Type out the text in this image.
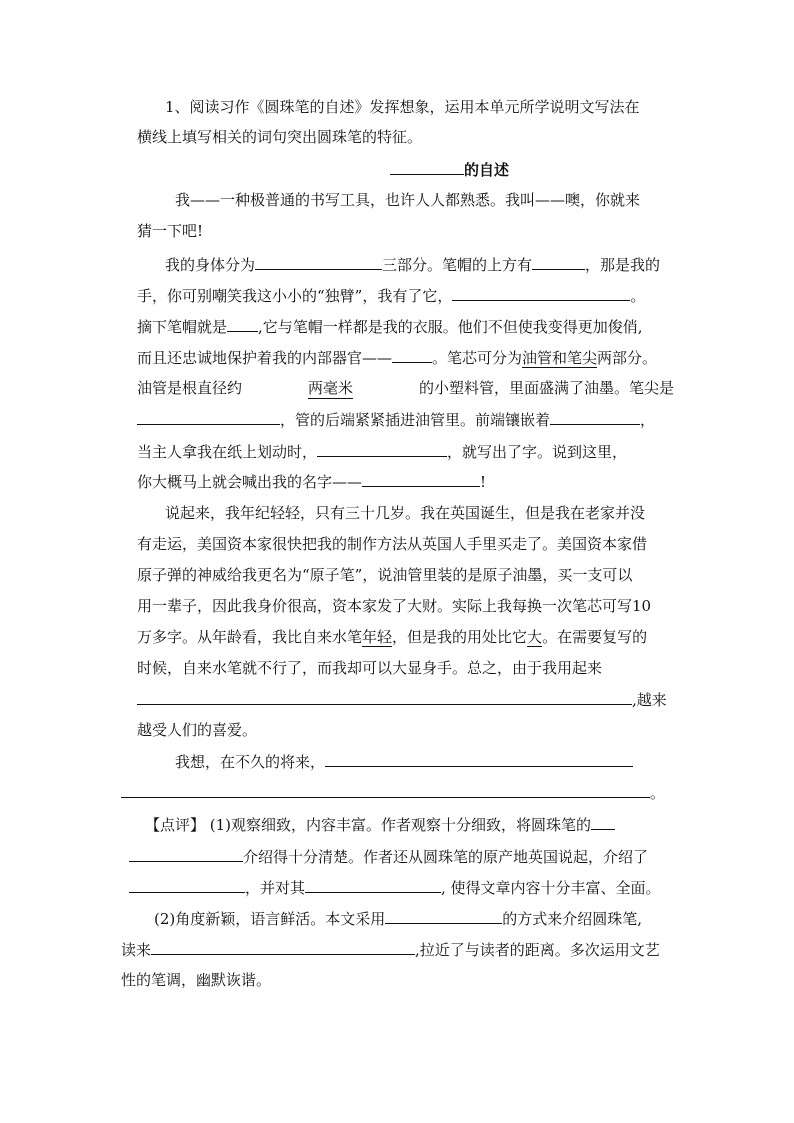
1、阅读习作《圆珠笔的自述》发挥想象，运用本单元所学说明文写法在
横线上填写相关的词句突出圆珠笔的特征。
的自述
我——一种极普通的书写工具，也许人人都熟悉。我叫——噢，你就来
猜一下吧!
我的身体分为	三部分。笔帽的上方有	，那是我的
手，你可别嘲笑我这小小的“独臂”，我有了它，	。
摘下笔帽就是 ,它与笔帽一样都是我的衣服。他们不但使我变得更加俊俏,
而且还忠诚地保护着我的内部器官——	。笔芯可分为油管和笔尖两部分。
油管是根直径约	两毫米	的小塑料管，里面盛满了油墨。笔尖是
，管的后端紧紧插进油管里。前端镶嵌着	，
当主人拿我在纸上划动时，	，就写出了字。说到这里，
你大概马上就会喊出我的名字——	!
说起来，我年纪轻轻，只有三十几岁。我在英国诞生，但是我在老家并没
有走运，美国资本家很快把我的制作方法从英国人手里买走了。美国资本家借
原子弹的神威给我更名为“原子笔”，说油管里装的是原子油墨，买一支可以
用一辈子，因此我身价很高，资本家发了大财。实际上我每换一次笔芯可写10
万多字。从年龄看，我比自来水笔年轻，但是我的用处比它大。在需要复写的
时候，自来水笔就不行了，而我却可以大显身手。总之，由于我用起来
,越来
越受人们的喜爱。
我想，在不久的将来，
。
【点评】 (1)观察细致，内容丰富。作者观察十分细致，将圆珠笔的
介绍得十分清楚。作者还从圆珠笔的原产地英国说起，介绍了
，并对其	, 使得文章内容十分丰富、全面。
(2)角度新颖，语言鲜活。本文采用	的方式来介绍圆珠笔,
读来	,拉近了与读者的距离。多次运用文艺
性的笔调，幽默诙谐。
